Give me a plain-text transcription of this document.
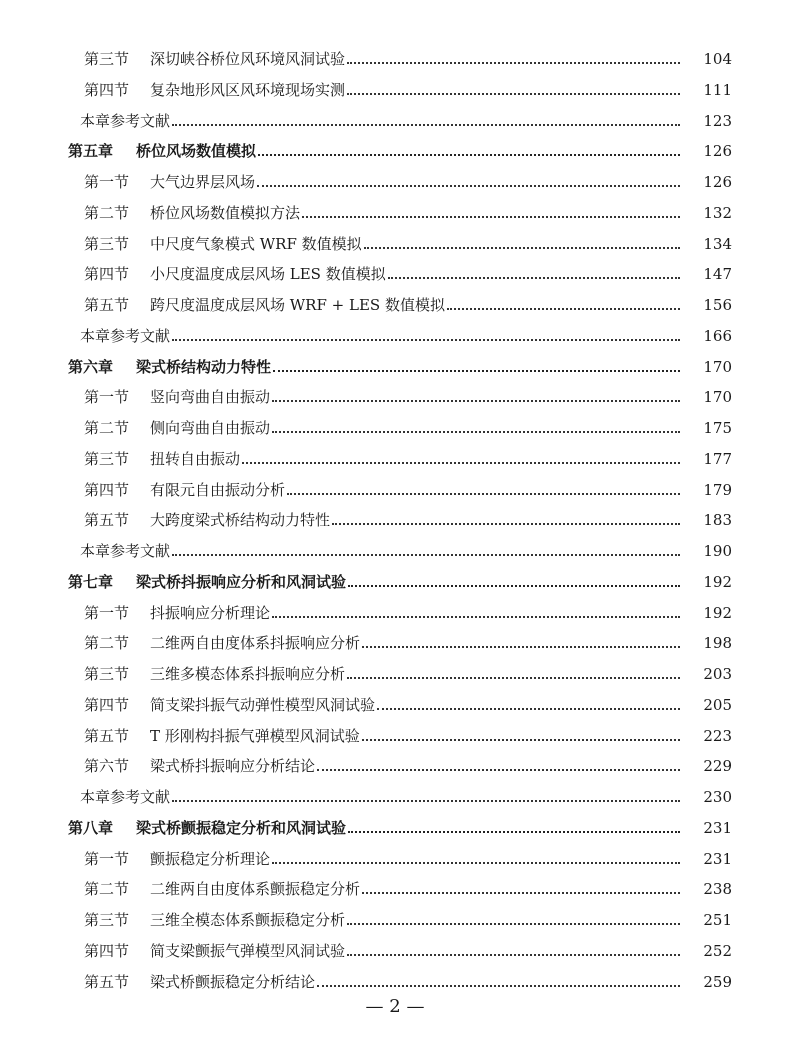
第三节	深切峡谷桥位风环境风洞试验	104
第四节	复杂地形风区风环境现场实测	111
本章参考文献	123
第五章	桥位风场数值模拟	126
第一节	大气边界层风场	126
第二节	桥位风场数值模拟方法	132
第三节	中尺度气象模式 WRF 数值模拟	134
第四节	小尺度温度成层风场 LES 数值模拟	147
第五节	跨尺度温度成层风场 WRF + LES 数值模拟	156
本章参考文献	166
第六章	梁式桥结构动力特性	170
第一节	竖向弯曲自由振动	170
第二节	侧向弯曲自由振动	175
第三节	扭转自由振动	177
第四节	有限元自由振动分析	179
第五节	大跨度梁式桥结构动力特性	183
本章参考文献	190
第七章	梁式桥抖振响应分析和风洞试验	192
第一节	抖振响应分析理论	192
第二节	二维两自由度体系抖振响应分析	198
第三节	三维多模态体系抖振响应分析	203
第四节	简支梁抖振气动弹性模型风洞试验	205
第五节	T 形刚构抖振气弹模型风洞试验	223
第六节	梁式桥抖振响应分析结论	229
本章参考文献	230
第八章	梁式桥颤振稳定分析和风洞试验	231
第一节	颤振稳定分析理论	231
第二节	二维两自由度体系颤振稳定分析	238
第三节	三维全模态体系颤振稳定分析	251
第四节	简支梁颤振气弹模型风洞试验	252
第五节	梁式桥颤振稳定分析结论	259
— 2 —
